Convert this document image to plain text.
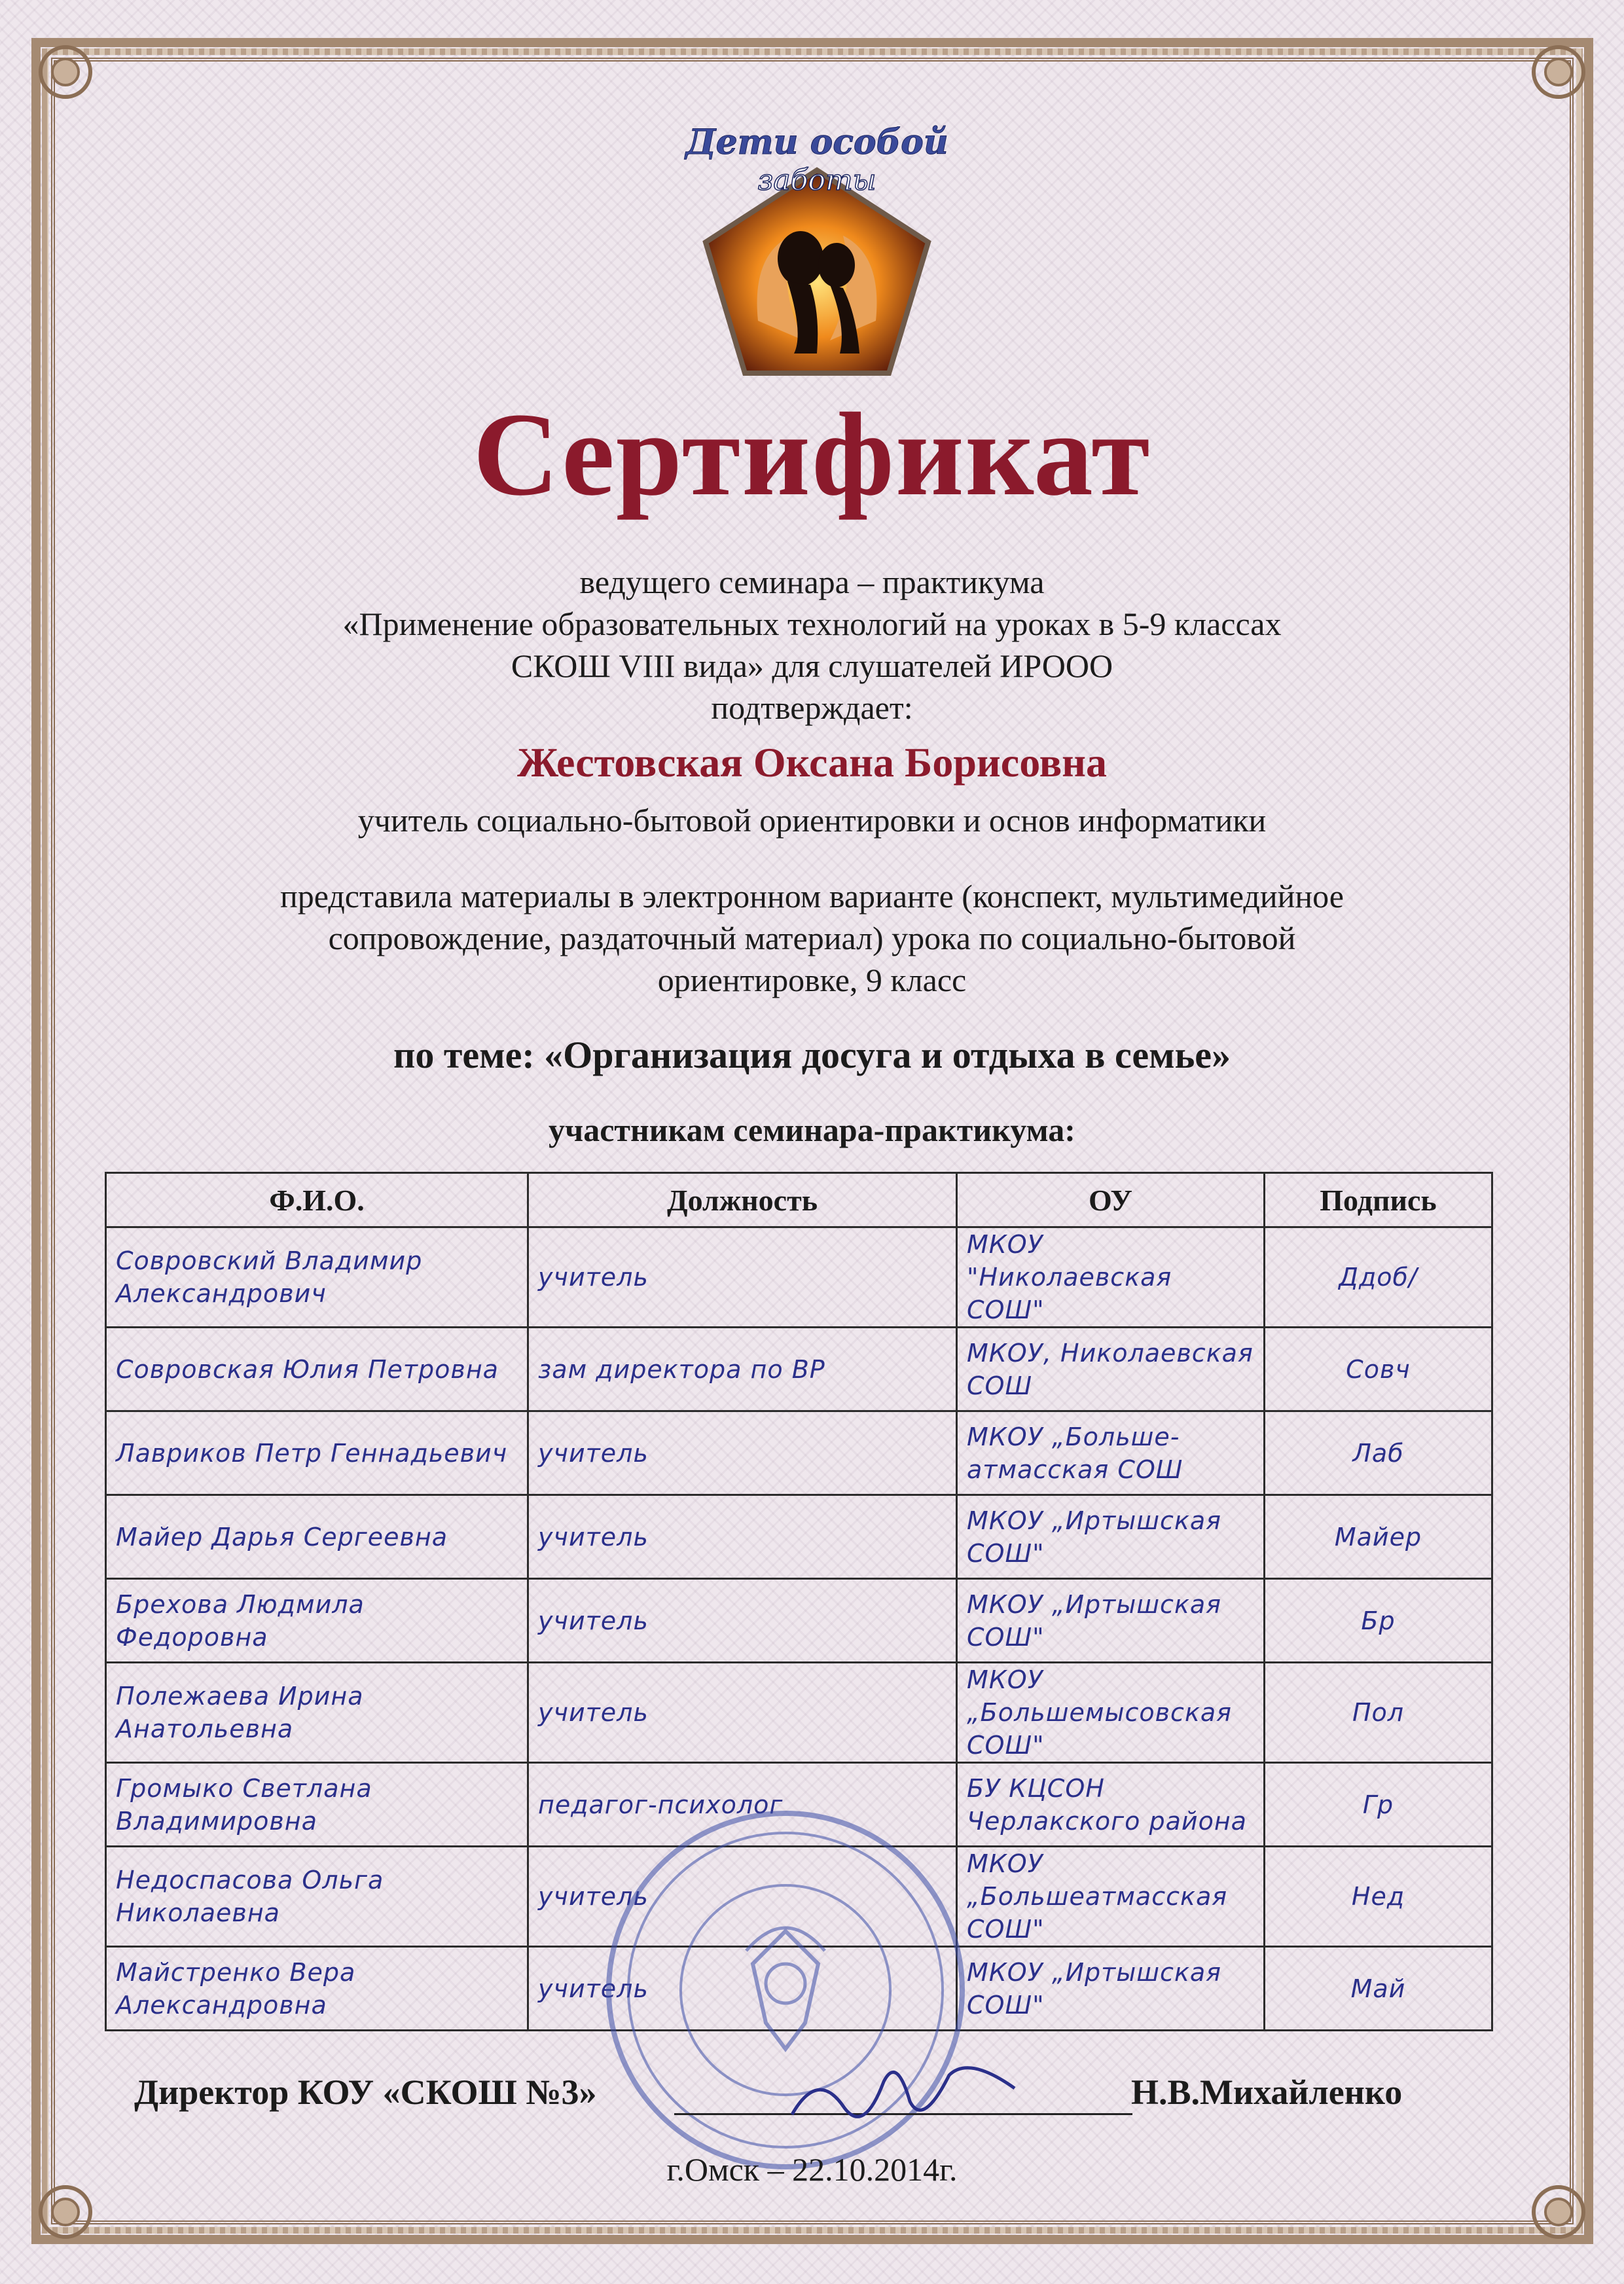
Дети особой
заботы
Сертификат
ведущего семинара – практикума
«Применение образовательных технологий на уроках в 5-9 классах
СКОШ VIII вида» для слушателей ИРООО
подтверждает:
Жестовская Оксана Борисовна
учитель социально-бытовой ориентировки и основ информатики
представила материалы в электронном варианте (конспект, мультимедийное
сопровождение, раздаточный материал) урока по социально-бытовой
ориентировке, 9 класс
по теме: «Организация досуга и отдыха в семье»
участникам семинара-практикума:
Ф.И.О.	Должность	ОУ	Подпись
Совровский Владимир Александрович	учитель	МКОУ "Николаевская СОШ"	Ддоб/
Совровская Юлия Петровна	зам директора по ВР	МКОУ, Николаевская СОШ	Совч
Лавриков Петр Геннадьевич	учитель	МКОУ „Больше-атмасская СОШ	Лаб
Майер Дарья Сергеевна	учитель	МКОУ „Иртышская СОШ"	Майер
Брехова Людмила Федоровна	учитель	МКОУ „Иртышская СОШ"	Бр
Полежаева Ирина Анатольевна	учитель	МКОУ „Большемысовская СОШ"	Пол
Громыко Светлана Владимировна	педагог-психолог	БУ КЦСОН Черлакского района	Гр
Недоспасова Ольга Николаевна	учитель	МКОУ „Большеатмасская СОШ"	Нед
Майстренко Вера Александровна	учитель	МКОУ „Иртышская СОШ"	Май
Директор КОУ «СКОШ №3»	Н.В.Михайленко
г.Омск – 22.10.2014г.
